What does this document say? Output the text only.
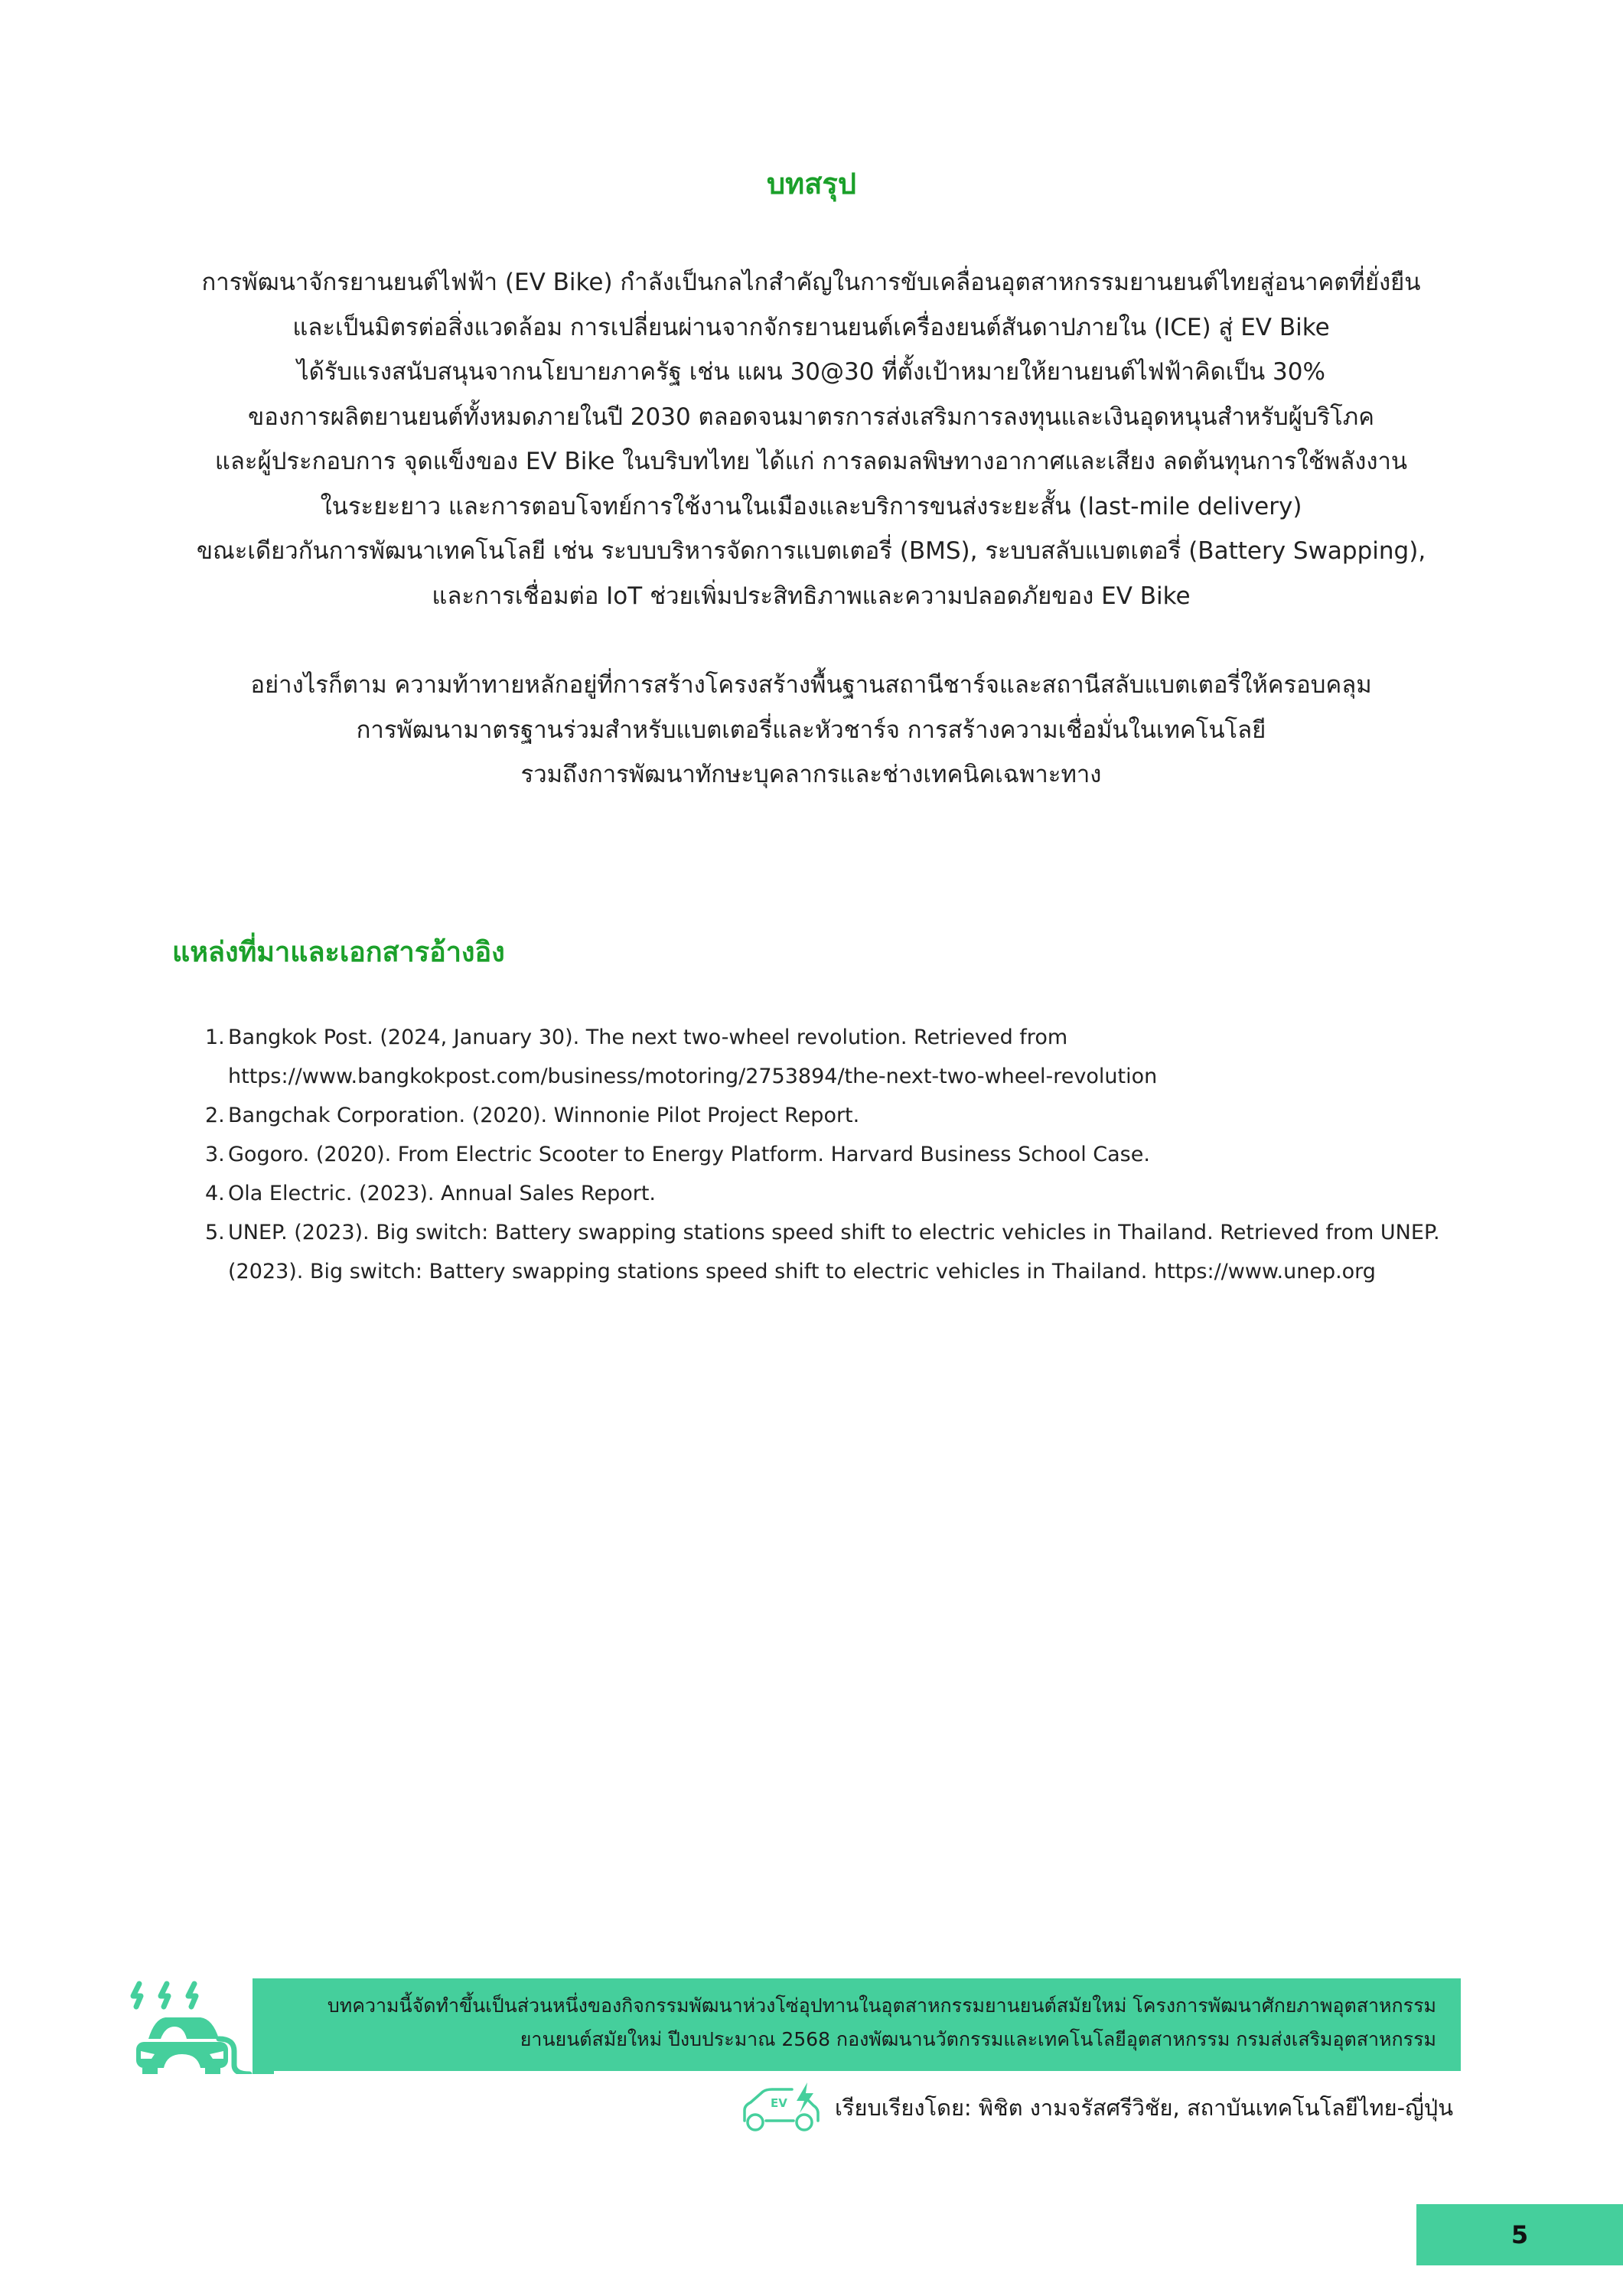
บทสรุป

การพัฒนาจักรยานยนต์ไฟฟ้า (EV Bike) กำลังเป็นกลไกสำคัญในการขับเคลื่อนอุตสาหกรรมยานยนต์ไทยสู่อนาคตที่ยั่งยืน
และเป็นมิตรต่อสิ่งแวดล้อม การเปลี่ยนผ่านจากจักรยานยนต์เครื่องยนต์สันดาปภายใน (ICE) สู่ EV Bike
ได้รับแรงสนับสนุนจากนโยบายภาครัฐ เช่น แผน 30@30 ที่ตั้งเป้าหมายให้ยานยนต์ไฟฟ้าคิดเป็น 30%
ของการผลิตยานยนต์ทั้งหมดภายในปี 2030 ตลอดจนมาตรการส่งเสริมการลงทุนและเงินอุดหนุนสำหรับผู้บริโภค
และผู้ประกอบการ จุดแข็งของ EV Bike ในบริบทไทย ได้แก่ การลดมลพิษทางอากาศและเสียง ลดต้นทุนการใช้พลังงาน
ในระยะยาว และการตอบโจทย์การใช้งานในเมืองและบริการขนส่งระยะสั้น (last-mile delivery)
ขณะเดียวกันการพัฒนาเทคโนโลยี เช่น ระบบบริหารจัดการแบตเตอรี่ (BMS), ระบบสลับแบตเตอรี่ (Battery Swapping),
และการเชื่อมต่อ IoT ช่วยเพิ่มประสิทธิภาพและความปลอดภัยของ EV Bike

อย่างไรก็ตาม ความท้าทายหลักอยู่ที่การสร้างโครงสร้างพื้นฐานสถานีชาร์จและสถานีสลับแบตเตอรี่ให้ครอบคลุม
การพัฒนามาตรฐานร่วมสำหรับแบตเตอรี่และหัวชาร์จ การสร้างความเชื่อมั่นในเทคโนโลยี
รวมถึงการพัฒนาทักษะบุคลากรและช่างเทคนิคเฉพาะทาง

แหล่งที่มาและเอกสารอ้างอิง
1. Bangkok Post. (2024, January 30). The next two-wheel revolution. Retrieved from
https://www.bangkokpost.com/business/motoring/2753894/the-next-two-wheel-revolution
2. Bangchak Corporation. (2020). Winnonie Pilot Project Report.
3. Gogoro. (2020). From Electric Scooter to Energy Platform. Harvard Business School Case.
4. Ola Electric. (2023). Annual Sales Report.
5. UNEP. (2023). Big switch: Battery swapping stations speed shift to electric vehicles in Thailand. Retrieved from UNEP.
(2023). Big switch: Battery swapping stations speed shift to electric vehicles in Thailand. https://www.unep.org
บทความนี้จัดทำขึ้นเป็นส่วนหนึ่งของกิจกรรมพัฒนาห่วงโซ่อุปทานในอุตสาหกรรมยานยนต์สมัยใหม่ โครงการพัฒนาศักยภาพอุตสาหกรรม
ยานยนต์สมัยใหม่ ปีงบประมาณ 2568 กองพัฒนานวัตกรรมและเทคโนโลยีอุตสาหกรรม กรมส่งเสริมอุตสาหกรรม
EV เรียบเรียงโดย: พิชิต งามจรัสศรีวิชัย, สถาบันเทคโนโลยีไทย-ญี่ปุ่น
5
